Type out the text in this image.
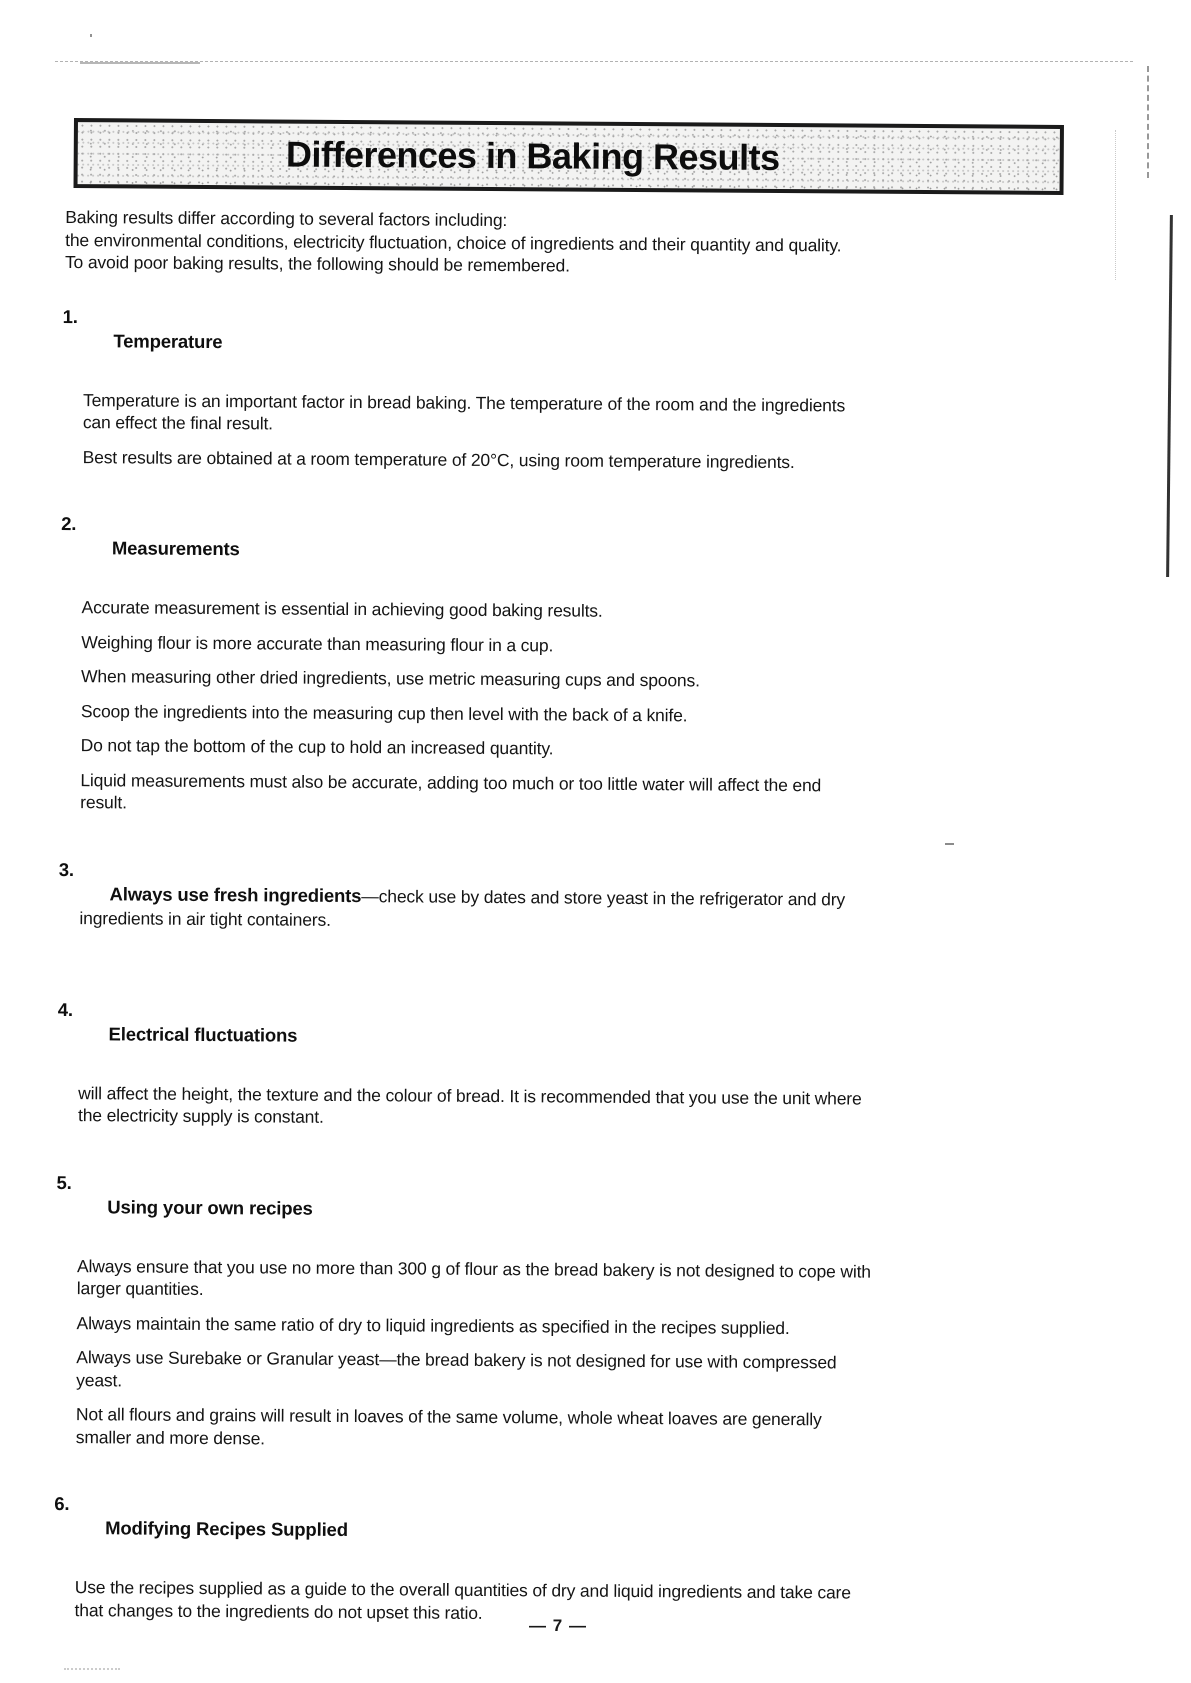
Differences in Baking Results
Baking results differ according to several factors including:
the environmental conditions, electricity fluctuation, choice of ingredients and their quantity and quality.
To avoid poor baking results, the following should be remembered.
1.

Temperature

Temperature is an important factor in bread baking. The temperature of the room and the ingredients
can effect the final result.
Best results are obtained at a room temperature of 20°C, using room temperature ingredients.
2.

Measurements

Accurate measurement is essential in achieving good baking results.
Weighing flour is more accurate than measuring flour in a cup.
When measuring other dried ingredients, use metric measuring cups and spoons.
Scoop the ingredients into the measuring cup then level with the back of a knife.
Do not tap the bottom of the cup to hold an increased quantity.
Liquid measurements must also be accurate, adding too much or too little water will affect the end
result.
3.

Always use fresh ingredients—check use by dates and store yeast in the refrigerator and dry
ingredients in air tight containers.

4.

Electrical fluctuations

will affect the height, the texture and the colour of bread. It is recommended that you use the unit where
the electricity supply is constant.
5.

Using your own recipes

Always ensure that you use no more than 300 g of flour as the bread bakery is not designed to cope with
larger quantities.
Always maintain the same ratio of dry to liquid ingredients as specified in the recipes supplied.
Always use Surebake or Granular yeast—the bread bakery is not designed for use with compressed
yeast.
Not all flours and grains will result in loaves of the same volume, whole wheat loaves are generally
smaller and more dense.
6.

Modifying Recipes Supplied

Use the recipes supplied as a guide to the overall quantities of dry and liquid ingredients and take care
that changes to the ingredients do not upset this ratio.
— 7 —
